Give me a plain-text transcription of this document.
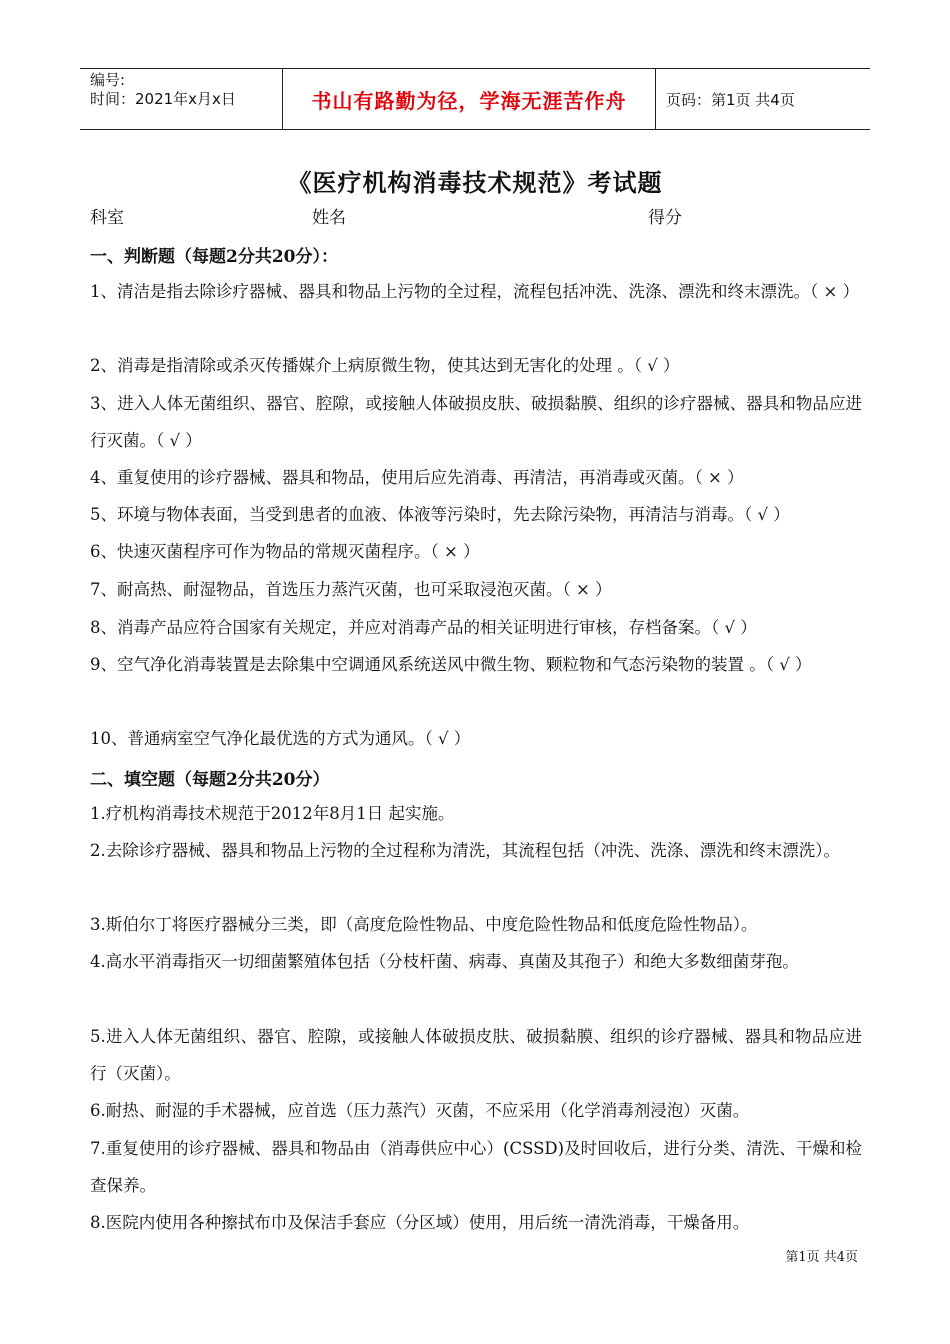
编号:
时间：2021年x月x日	书山有路勤为径，学海无涯苦作舟	页码：第1页 共4页
《医疗机构消毒技术规范》考试题
科室	姓名	得分
一、判断题（每题2分共20分）：
1、清洁是指去除诊疗器械、器具和物品上污物的全过程，流程包括冲洗、洗涤、漂洗和终末漂洗。（ × ）
2、消毒是指清除或杀灭传播媒介上病原微生物，使其达到无害化的处理 。（ √ ）
3、进入人体无菌组织、器官、腔隙，或接触人体破损皮肤、破损黏膜、组织的诊疗器械、器具和物品应进行灭菌。（ √ ）
4、重复使用的诊疗器械、器具和物品，使用后应先消毒、再清洁，再消毒或灭菌。（ × ）
5、环境与物体表面，当受到患者的血液、体液等污染时，先去除污染物，再清洁与消毒。（ √ ）
6、快速灭菌程序可作为物品的常规灭菌程序。（ × ）
7、耐高热、耐湿物品，首选压力蒸汽灭菌，也可采取浸泡灭菌。（ × ）
8、消毒产品应符合国家有关规定，并应对消毒产品的相关证明进行审核，存档备案。（ √ ）
9、空气净化消毒装置是去除集中空调通风系统送风中微生物、颗粒物和气态污染物的装置 。（ √ ）
10、普通病室空气净化最优选的方式为通风。（ √ ）
二、填空题（每题2分共20分）
1.疗机构消毒技术规范于2012年8月1日 起实施。
2.去除诊疗器械、器具和物品上污物的全过程称为清洗，其流程包括（冲洗、洗涤、漂洗和终末漂洗）。
3.斯伯尔丁将医疗器械分三类，即（高度危险性物品、中度危险性物品和低度危险性物品）。
4.高水平消毒指灭一切细菌繁殖体包括（分枝杆菌、病毒、真菌及其孢子）和绝大多数细菌芽孢。
5.进入人体无菌组织、器官、腔隙，或接触人体破损皮肤、破损黏膜、组织的诊疗器械、器具和物品应进行（灭菌）。
6.耐热、耐湿的手术器械，应首选（压力蒸汽）灭菌，不应采用（化学消毒剂浸泡）灭菌。
7.重复使用的诊疗器械、器具和物品由（消毒供应中心）(CSSD)及时回收后，进行分类、清洗、干燥和检查保养。
8.医院内使用各种擦拭布巾及保洁手套应（分区域）使用，用后统一清洗消毒，干燥备用。
第1页 共4页
